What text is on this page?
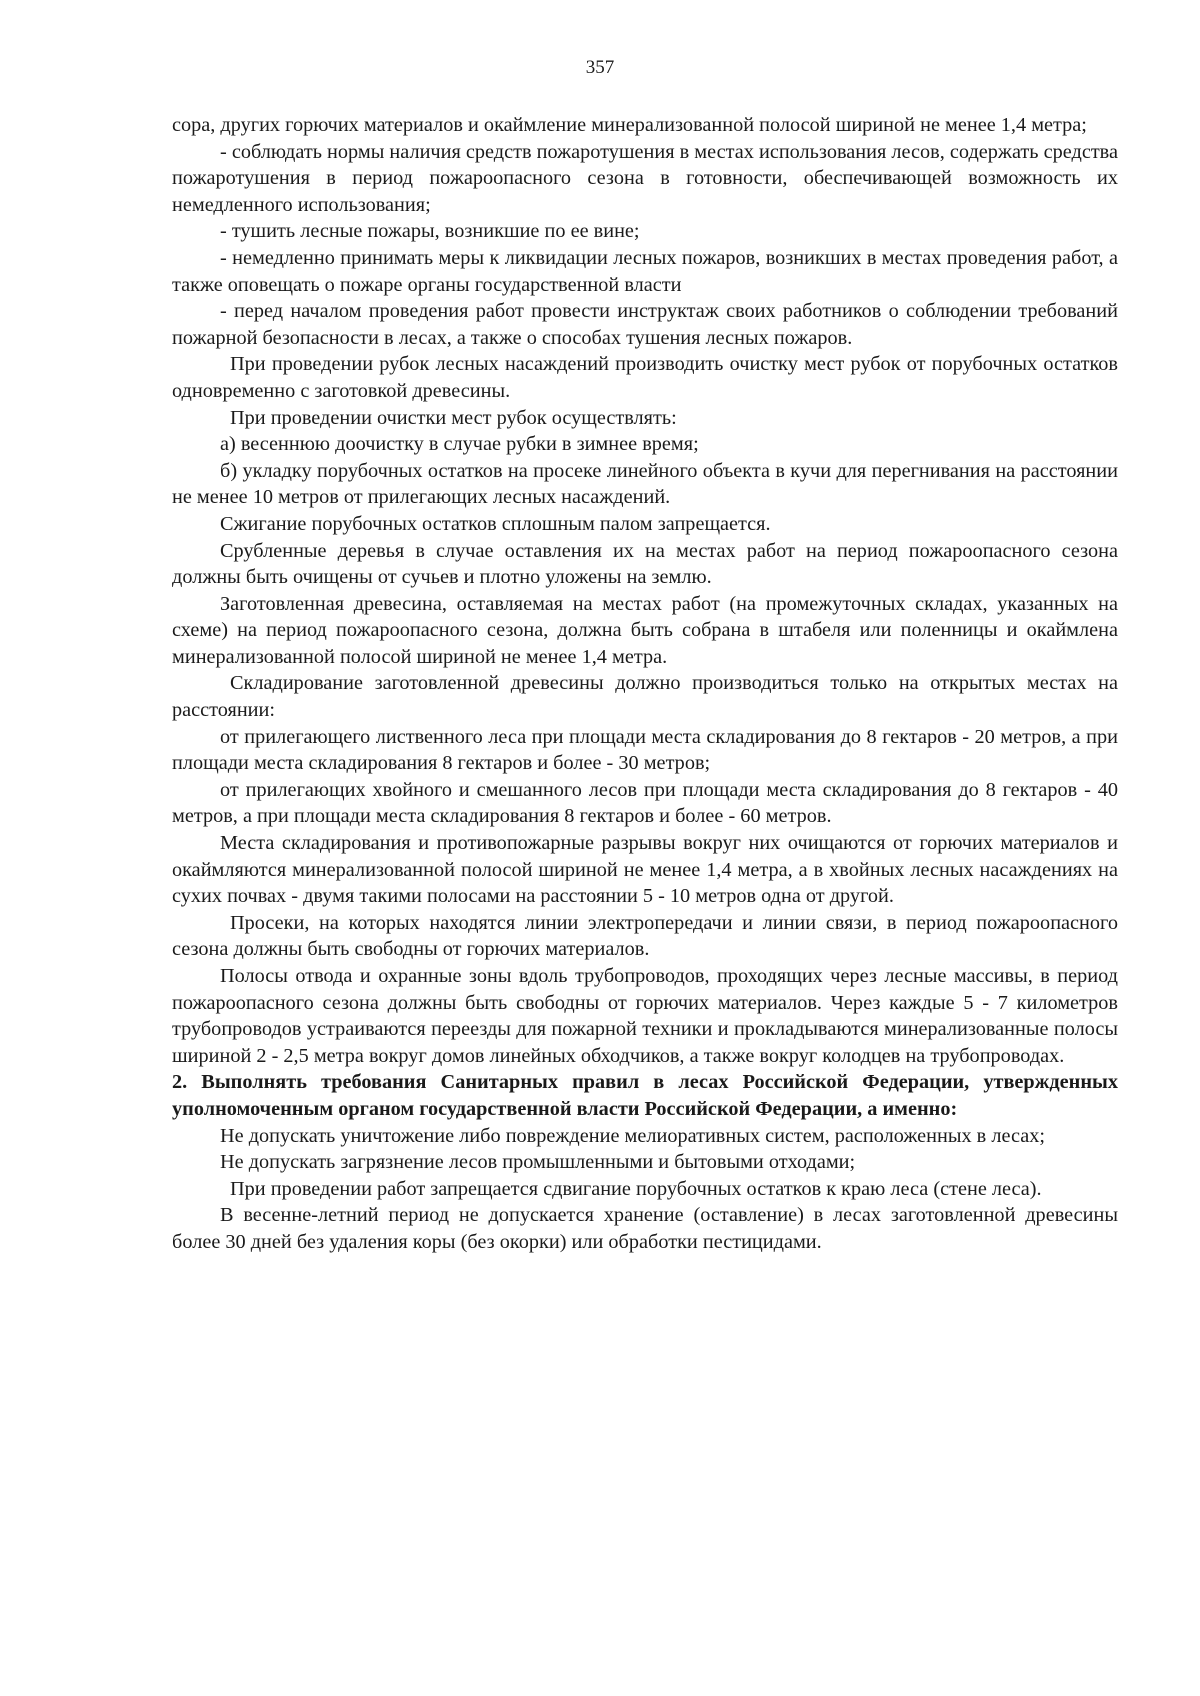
357

сора, других горючих материалов и окаймление минерализованной полосой шириной не менее 1,4 метра;

- соблюдать нормы наличия средств пожаротушения в местах использования лесов, содержать средства пожаротушения в период пожароопасного сезона в готовности, обеспечивающей возможность их немедленного использования;

- тушить лесные пожары, возникшие по ее вине;

- немедленно принимать меры к ликвидации лесных пожаров, возникших в местах проведения работ, а также оповещать о пожаре органы государственной власти

- перед началом проведения работ провести инструктаж своих работников о соблюдении требований пожарной безопасности в лесах, а также о способах тушения лесных пожаров.

При проведении рубок лесных насаждений производить очистку мест рубок от порубочных остатков одновременно с заготовкой древесины.

При проведении очистки мест рубок осуществлять:

а) весеннюю доочистку в случае рубки в зимнее время;

б) укладку порубочных остатков на просеке линейного объекта в кучи для перегнивания на расстоянии не менее 10 метров от прилегающих лесных насаждений.

Сжигание порубочных остатков сплошным палом запрещается.

Срубленные деревья в случае оставления их на местах работ на период пожароопасного сезона должны быть очищены от сучьев и плотно уложены на землю.

Заготовленная древесина, оставляемая на местах работ (на промежуточных складах, указанных на схеме) на период пожароопасного сезона, должна быть собрана в штабеля или поленницы и окаймлена минерализованной полосой шириной не менее 1,4 метра.

Складирование заготовленной древесины должно производиться только на открытых местах на расстоянии:

от прилегающего лиственного леса при площади места складирования до 8 гектаров - 20 метров, а при площади места складирования 8 гектаров и более - 30 метров;

от прилегающих хвойного и смешанного лесов при площади места складирования до 8 гектаров - 40 метров, а при площади места складирования 8 гектаров и более - 60 метров.

Места складирования и противопожарные разрывы вокруг них очищаются от горючих материалов и окаймляются минерализованной полосой шириной не менее 1,4 метра, а в хвойных лесных насаждениях на сухих почвах - двумя такими полосами на расстоянии 5 - 10 метров одна от другой.

Просеки, на которых находятся линии электропередачи и линии связи, в период пожароопасного сезона должны быть свободны от горючих материалов.

Полосы отвода и охранные зоны вдоль трубопроводов, проходящих через лесные массивы, в период пожароопасного сезона должны быть свободны от горючих материалов. Через каждые 5 - 7 километров трубопроводов устраиваются переезды для пожарной техники и прокладываются минерализованные полосы шириной 2 - 2,5 метра вокруг домов линейных обходчиков, а также вокруг колодцев на трубопроводах.

2. Выполнять требования Санитарных правил в лесах Российской Федерации, утвержденных уполномоченным органом государственной власти Российской Федерации, а именно:

Не допускать уничтожение либо повреждение мелиоративных систем, расположенных в лесах;

Не допускать загрязнение лесов промышленными и бытовыми отходами;

При проведении работ запрещается сдвигание порубочных остатков к краю леса (стене леса).

В весенне-летний период не допускается хранение (оставление) в лесах заготовленной древесины более 30 дней без удаления коры (без окорки) или обработки пестицидами.
